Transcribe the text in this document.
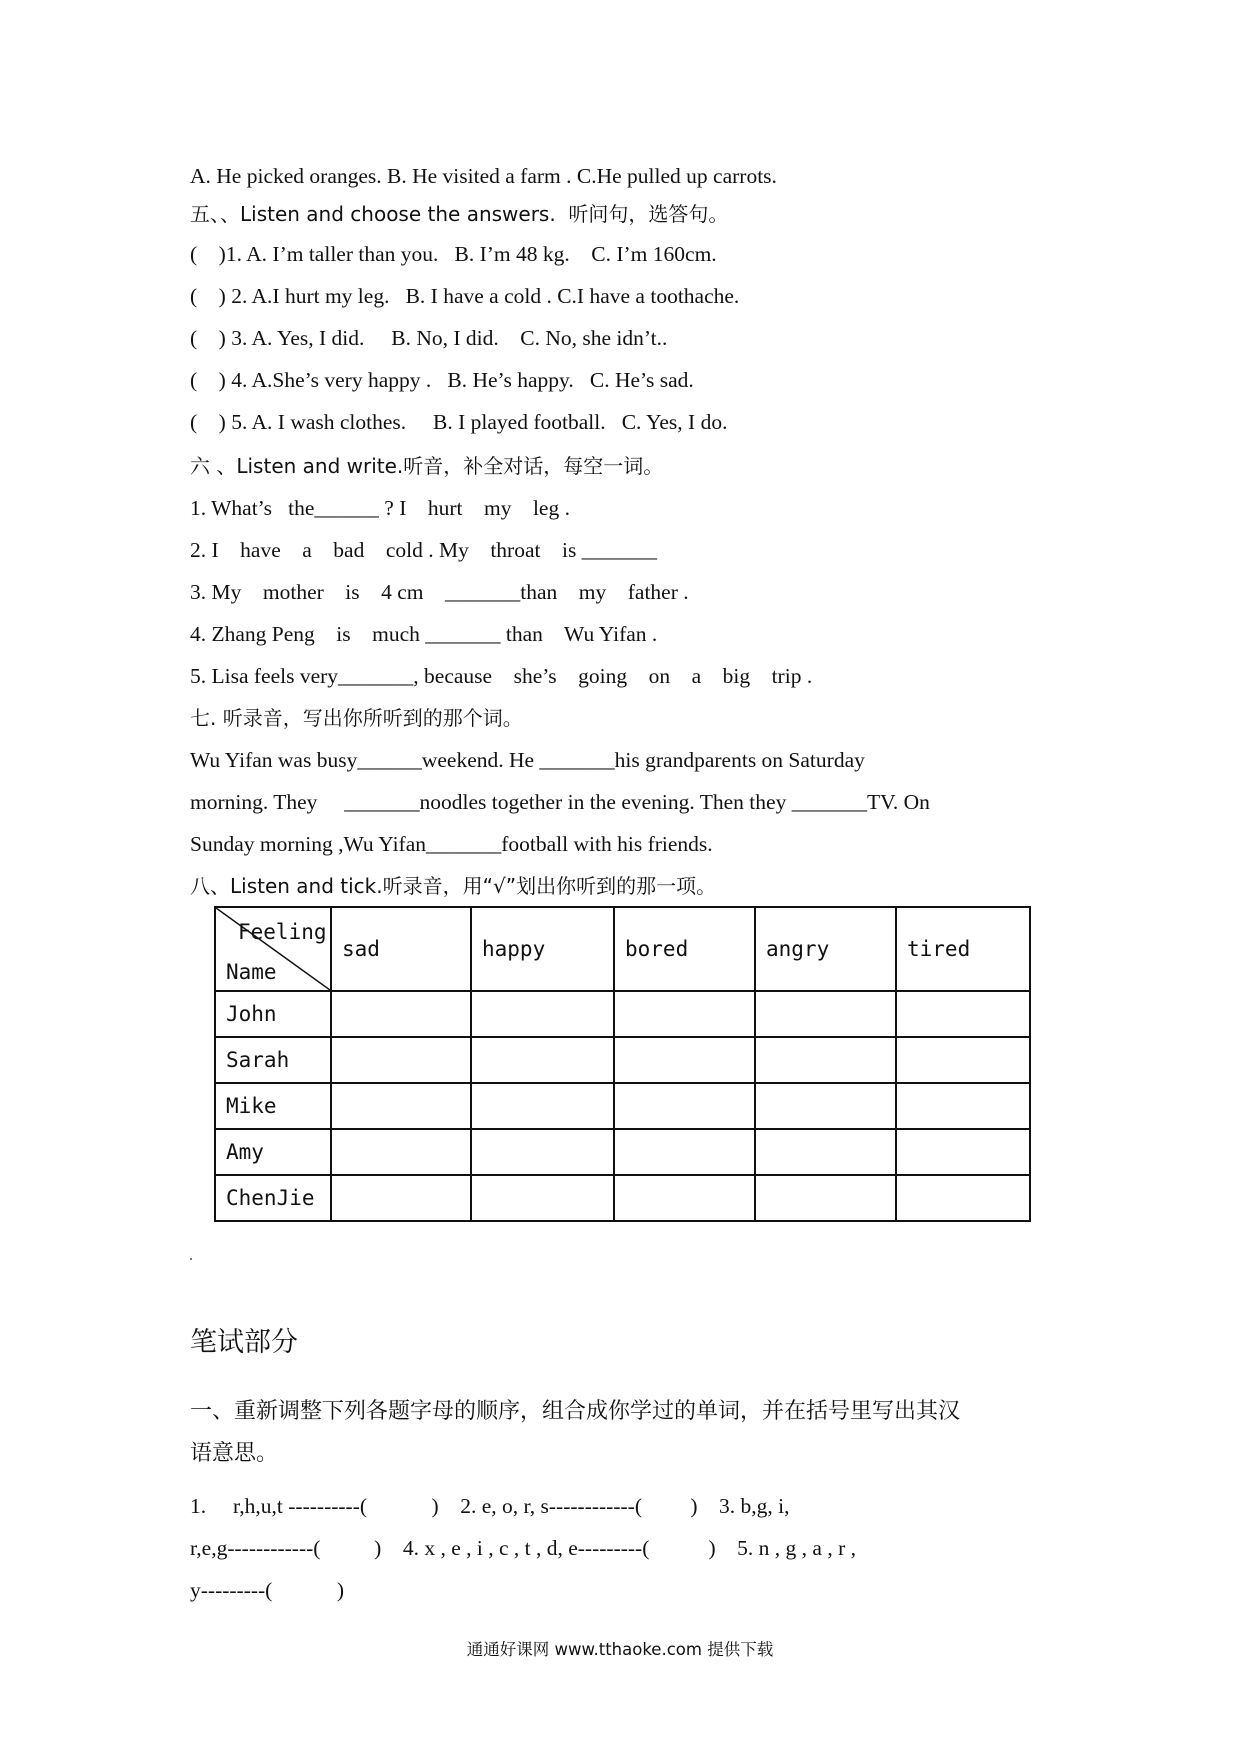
A. He picked oranges. B. He visited a farm . C.He pulled up carrots.
五、、Listen and choose the answers.  听问句，选答句。
(    )1. A. I’m taller than you.   B. I’m 48 kg.    C. I’m 160cm.
(    ) 2. A.I hurt my leg.   B. I have a cold . C.I have a toothache.
(    ) 3. A. Yes, I did.     B. No, I did.    C. No, she idn’t..
(    ) 4. A.She’s very happy .   B. He’s happy.   C. He’s sad.
(    ) 5. A. I wash clothes.     B. I played football.   C. Yes, I do.
六 、Listen and write.听音，补全对话，每空一词。
1. What’s   the______ ? I    hurt    my    leg .
2. I    have    a    bad    cold . My    throat    is _______
3. My    mother    is    4 cm    _______than    my    father .
4. Zhang Peng    is    much _______ than    Wu Yifan .
5. Lisa feels very_______, because    she’s    going    on    a    big    trip .
七. 听录音，写出你所听到的那个词。
Wu Yifan was busy______weekend. He _______his grandparents on Saturday
morning. They     _______noodles together in the evening. Then they _______TV. On
Sunday morning ,Wu Yifan_______football with his friends.
八、Listen and tick.听录音，用“√”划出你听到的那一项。
Feeling
Name	sad	happy	bored	angry	tired
John					
Sarah					
Mike					
Amy					
ChenJie					
笔试部分
一、重新调整下列各题字母的顺序，组合成你学过的单词，并在括号里写出其汉
语意思。
1.     r,h,u,t ----------(            )    2. e, o, r, s------------(         )    3. b,g, i,
r,e,g------------(          )    4. x , e , i , c , t , d, e---------(           )    5. n , g , a , r ,
y---------(            )
通通好课网 www.tthaoke.com 提供下载
